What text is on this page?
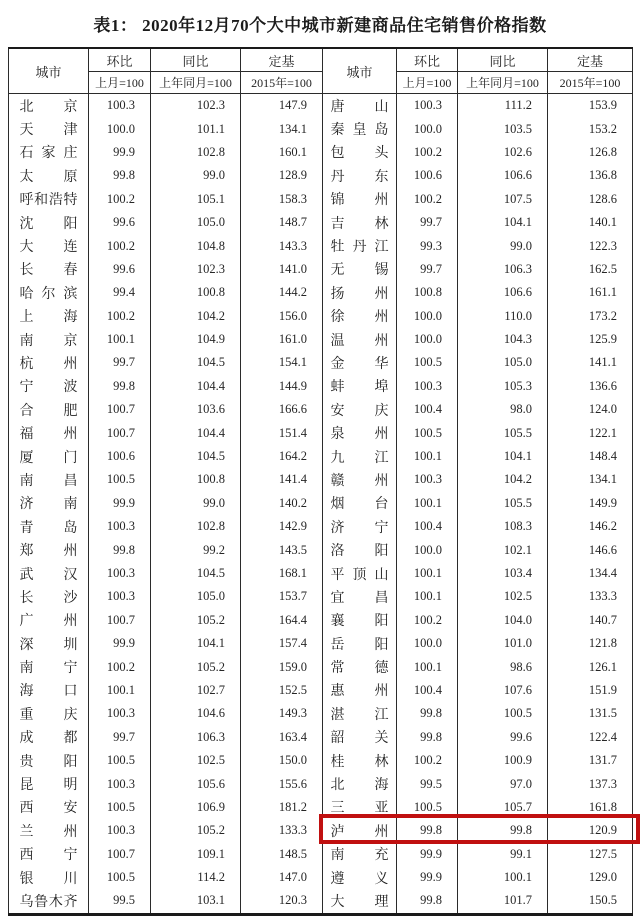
表1： 2020年12月70个大中城市新建商品住宅销售价格指数
城市	环比	同比	定基	城市	环比	同比	定基
	上月=100	上年同月=100	2015年=100		上月=100	上年同月=100	2015年=100

北 京	100.3	102.3	147.9	唐 山	100.3	111.2	153.9

天 津	100.0	101.1	134.1	秦 皇 岛	100.0	103.5	153.2

石 家 庄	99.9	102.8	160.1	包 头	100.2	102.6	126.8

太 原	99.8	99.0	128.9	丹 东	100.6	106.6	136.8

呼 和 浩 特	100.2	105.1	158.3	锦 州	100.2	107.5	128.6

沈 阳	99.6	105.0	148.7	吉 林	99.7	104.1	140.1

大 连	100.2	104.8	143.3	牡 丹 江	99.3	99.0	122.3

长 春	99.6	102.3	141.0	无 锡	99.7	106.3	162.5

哈 尔 滨	99.4	100.8	144.2	扬 州	100.8	106.6	161.1

上 海	100.2	104.2	156.0	徐 州	100.0	110.0	173.2

南 京	100.1	104.9	161.0	温 州	100.0	104.3	125.9

杭 州	99.7	104.5	154.1	金 华	100.5	105.0	141.1

宁 波	99.8	104.4	144.9	蚌 埠	100.3	105.3	136.6

合 肥	100.7	103.6	166.6	安 庆	100.4	98.0	124.0

福 州	100.7	104.4	151.4	泉 州	100.5	105.5	122.1

厦 门	100.6	104.5	164.2	九 江	100.1	104.1	148.4

南 昌	100.5	100.8	141.4	赣 州	100.3	104.2	134.1

济 南	99.9	99.0	140.2	烟 台	100.1	105.5	149.9

青 岛	100.3	102.8	142.9	济 宁	100.4	108.3	146.2

郑 州	99.8	99.2	143.5	洛 阳	100.0	102.1	146.6

武 汉	100.3	104.5	168.1	平 顶 山	100.1	103.4	134.4

长 沙	100.3	105.0	153.7	宜 昌	100.1	102.5	133.3

广 州	100.7	105.2	164.4	襄 阳	100.2	104.0	140.7

深 圳	99.9	104.1	157.4	岳 阳	100.0	101.0	121.8

南 宁	100.2	105.2	159.0	常 德	100.1	98.6	126.1

海 口	100.1	102.7	152.5	惠 州	100.4	107.6	151.9

重 庆	100.3	104.6	149.3	湛 江	99.8	100.5	131.5

成 都	99.7	106.3	163.4	韶 关	99.8	99.6	122.4

贵 阳	100.5	102.5	150.0	桂 林	100.2	100.9	131.7

昆 明	100.3	105.6	155.6	北 海	99.5	97.0	137.3

西 安	100.5	106.9	181.2	三 亚	100.5	105.7	161.8

兰 州	100.3	105.2	133.3	泸 州	99.8	99.8	120.9

西 宁	100.7	109.1	148.5	南 充	99.9	99.1	127.5

银 川	100.5	114.2	147.0	遵 义	99.9	100.1	129.0

乌 鲁 木 齐	99.5	103.1	120.3	大 理	99.8	101.7	150.5
